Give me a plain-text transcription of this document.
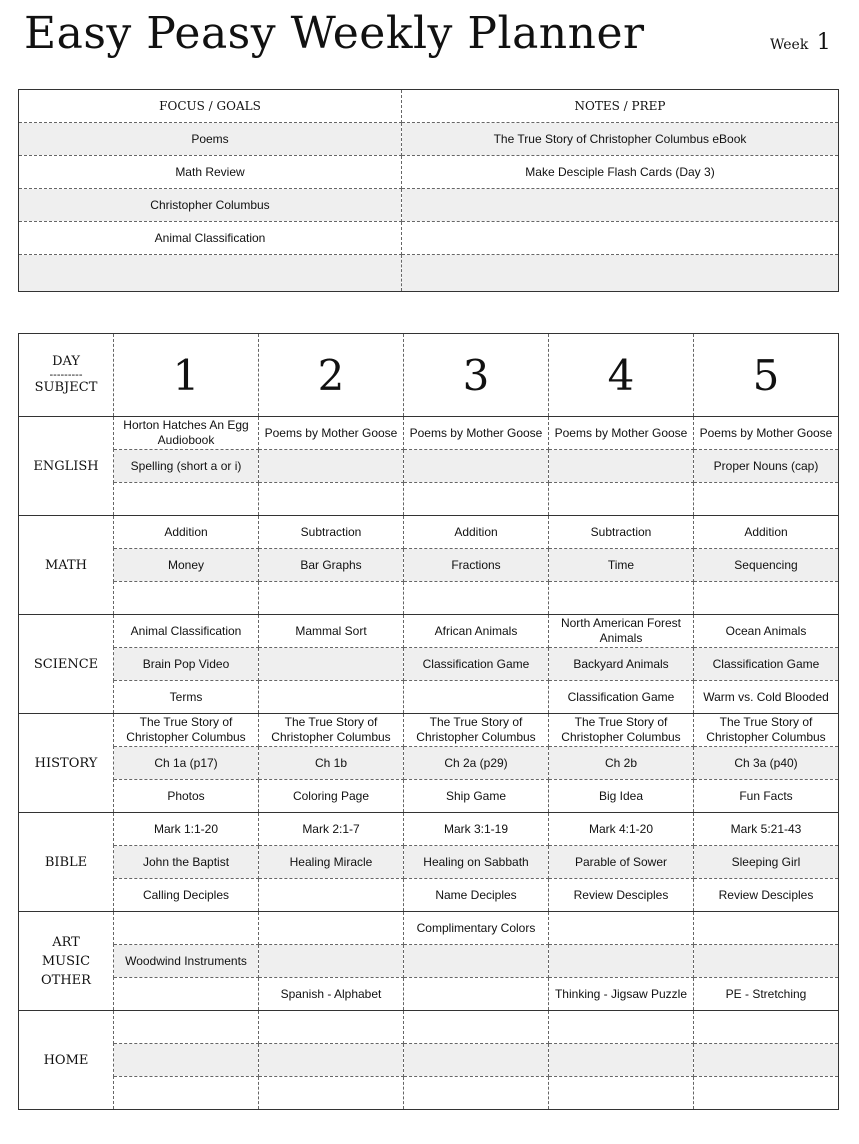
Easy Peasy Weekly Planner	Week 1
FOCUS / GOALS	NOTES / PREP
Poems	The True Story of Christopher Columbus eBook
Math Review	Make Desciple Flash Cards (Day 3)
Christopher Columbus	
Animal Classification	

DAY
---------
SUBJECT	1	2	3	4	5
ENGLISH	Horton Hatches An Egg Audiobook	Poems by Mother Goose	Poems by Mother Goose	Poems by Mother Goose	Poems by Mother Goose
	Spelling (short a or i)				Proper Nouns (cap)

MATH	Addition	Subtraction	Addition	Subtraction	Addition
	Money	Bar Graphs	Fractions	Time	Sequencing

SCIENCE	Animal Classification	Mammal Sort	African Animals	North American Forest Animals	Ocean Animals
	Brain Pop Video		Classification Game	Backyard Animals	Classification Game
	Terms			Classification Game	Warm vs. Cold Blooded
HISTORY	The True Story of Christopher Columbus	The True Story of Christopher Columbus	The True Story of Christopher Columbus	The True Story of Christopher Columbus	The True Story of Christopher Columbus
	Ch 1a (p17)	Ch 1b	Ch 2a (p29)	Ch 2b	Ch 3a (p40)
	Photos	Coloring Page	Ship Game	Big Idea	Fun Facts
BIBLE	Mark 1:1-20	Mark 2:1-7	Mark 3:1-19	Mark 4:1-20	Mark 5:21-43
	John the Baptist	Healing Miracle	Healing on Sabbath	Parable of Sower	Sleeping Girl
	Calling Deciples		Name Deciples	Review Desciples	Review Desciples

ART
MUSIC
OTHER			Complimentary Colors		
	Woodwind Instruments				
		Spanish - Alphabet		Thinking - Jigsaw Puzzle	PE - Stretching
HOME					
